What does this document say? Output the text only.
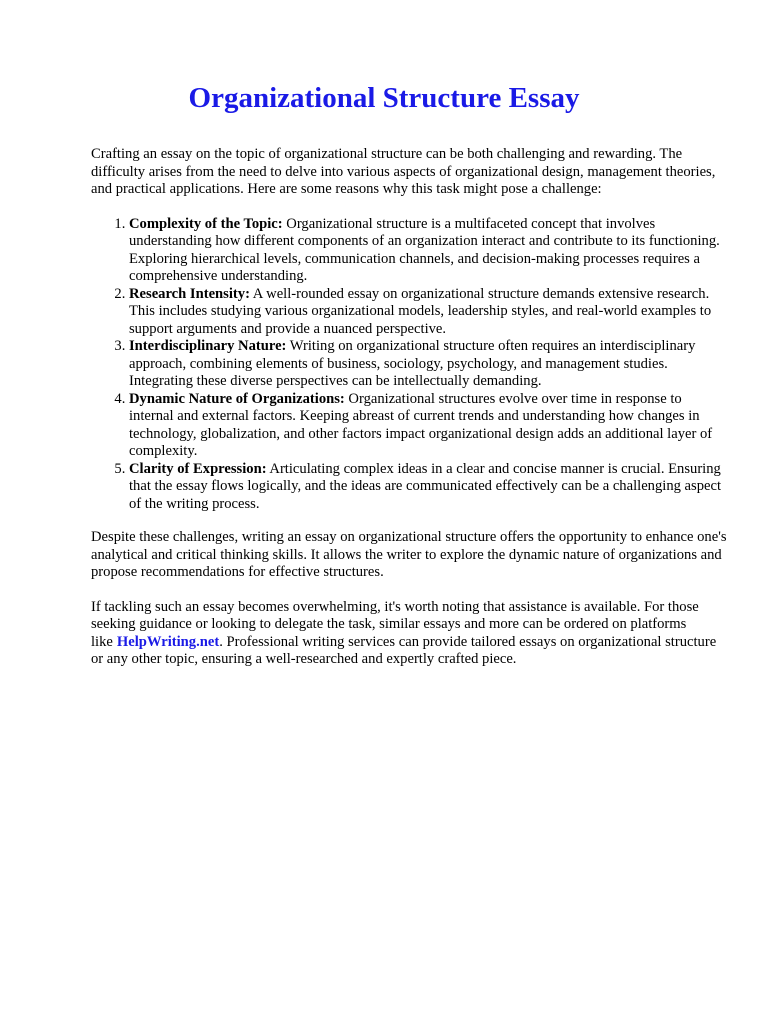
Organizational Structure Essay

Crafting an essay on the topic of organizational structure can be both challenging and rewarding. The difficulty arises from the need to delve into various aspects of organizational design, management theories, and practical applications. Here are some reasons why this task might pose a challenge:

1. Complexity of the Topic: Organizational structure is a multifaceted concept that involves understanding how different components of an organization interact and contribute to its functioning. Exploring hierarchical levels, communication channels, and decision-making processes requires a comprehensive understanding.
2. Research Intensity: A well-rounded essay on organizational structure demands extensive research. This includes studying various organizational models, leadership styles, and real-world examples to support arguments and provide a nuanced perspective.
3. Interdisciplinary Nature: Writing on organizational structure often requires an interdisciplinary approach, combining elements of business, sociology, psychology, and management studies. Integrating these diverse perspectives can be intellectually demanding.
4. Dynamic Nature of Organizations: Organizational structures evolve over time in response to internal and external factors. Keeping abreast of current trends and understanding how changes in technology, globalization, and other factors impact organizational design adds an additional layer of complexity.
5. Clarity of Expression: Articulating complex ideas in a clear and concise manner is crucial. Ensuring that the essay flows logically, and the ideas are communicated effectively can be a challenging aspect of the writing process.

Despite these challenges, writing an essay on organizational structure offers the opportunity to enhance one's analytical and critical thinking skills. It allows the writer to explore the dynamic nature of organizations and propose recommendations for effective structures.

If tackling such an essay becomes overwhelming, it's worth noting that assistance is available. For those seeking guidance or looking to delegate the task, similar essays and more can be ordered on platforms like HelpWriting.net. Professional writing services can provide tailored essays on organizational structure or any other topic, ensuring a well-researched and expertly crafted piece.
